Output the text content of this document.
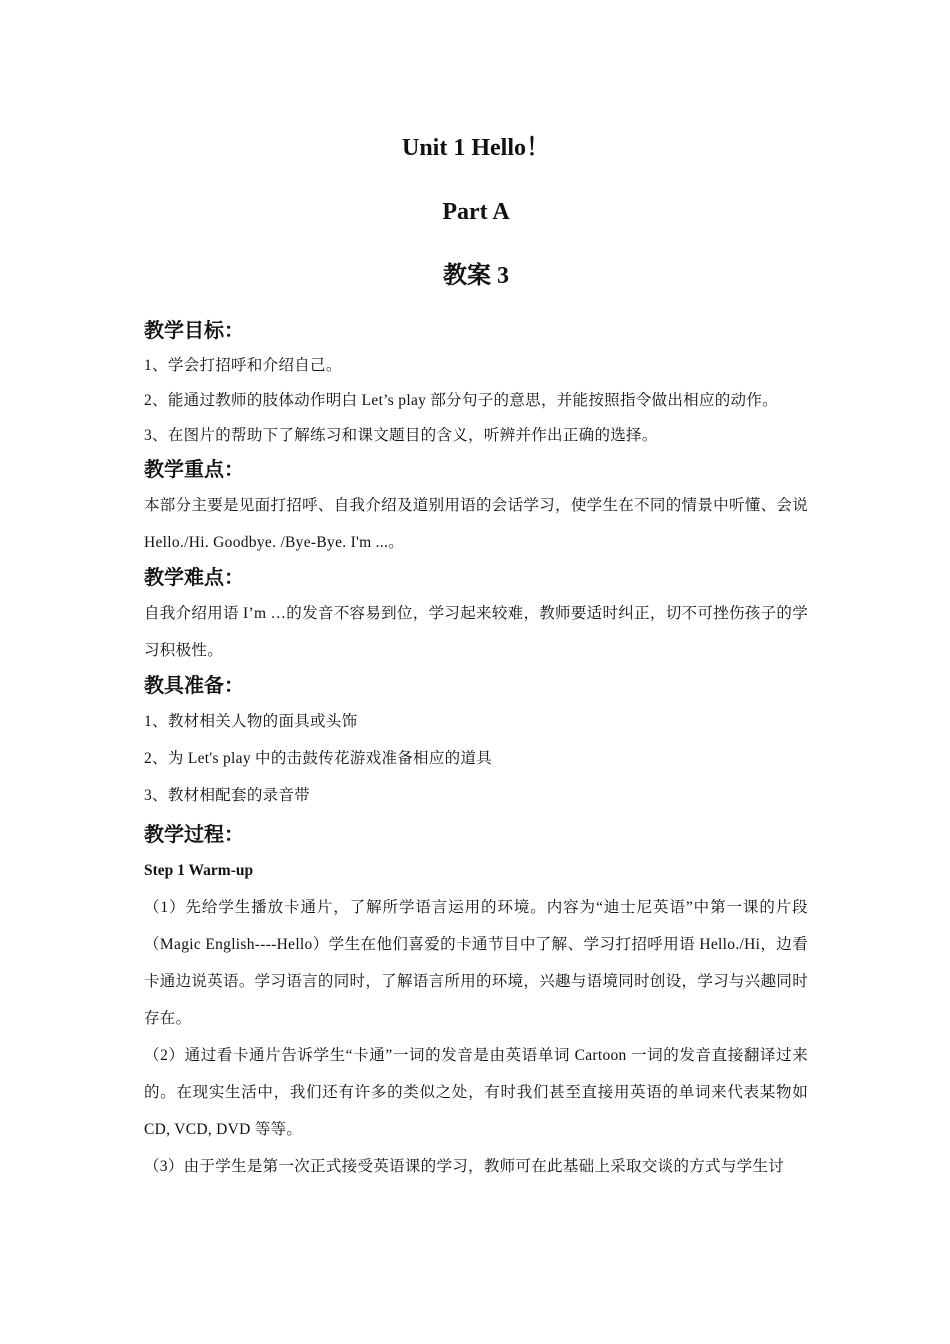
Unit 1 Hello！
Part A
教案 3
教学目标：

1、学会打招呼和介绍自己。

2、能通过教师的肢体动作明白 Let’s play 部分句子的意思，并能按照指令做出相应的动作。

3、在图片的帮助下了解练习和课文题目的含义，听辨并作出正确的选择。

教学重点：

本部分主要是见面打招呼、自我介绍及道别用语的会话学习，使学生在不同的情景中听懂、会说　Hello./Hi. Goodbye. /Bye-Bye. I'm ...。

教学难点：

自我介绍用语 I’m …的发音不容易到位，学习起来较难，教师要适时纠正，切不可挫伤孩子的学习积极性。

教具准备：

1、教材相关人物的面具或头饰

2、为 Let's play 中的击鼓传花游戏准备相应的道具

3、教材相配套的录音带

教学过程：

Step 1 Warm-up

（1）先给学生播放卡通片，了解所学语言运用的环境。内容为“迪士尼英语”中第一课的片段（Magic English----Hello）学生在他们喜爱的卡通节目中了解、学习打招呼用语 Hello./Hi，边看卡通边说英语。学习语言的同时，了解语言所用的环境，兴趣与语境同时创设，学习与兴趣同时存在。

（2）通过看卡通片告诉学生“卡通”一词的发音是由英语单词 Cartoon 一词的发音直接翻译过来的。在现实生活中，我们还有许多的类似之处，有时我们甚至直接用英语的单词来代表某物如 CD, VCD, DVD 等等。

（3）由于学生是第一次正式接受英语课的学习，教师可在此基础上采取交谈的方式与学生讨
